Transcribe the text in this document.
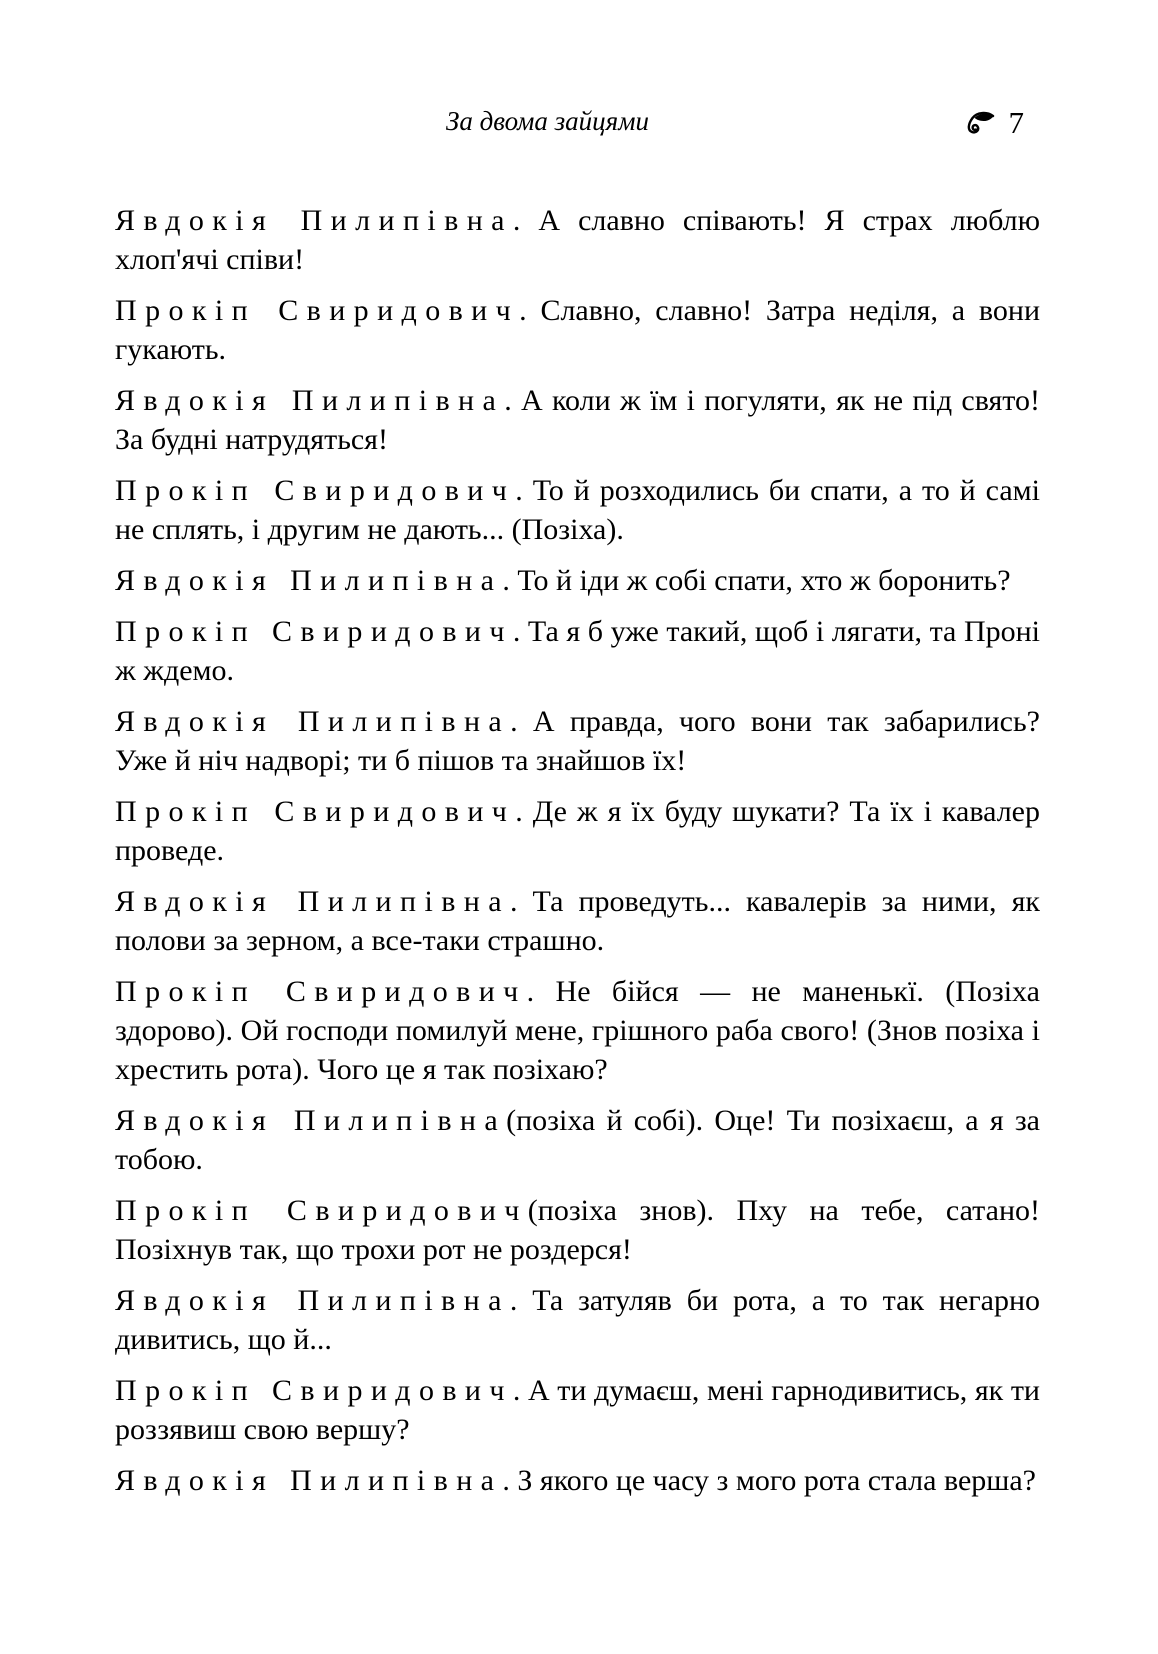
За двома зайцями	7

Явдокія Пилипівна. А славно співають! Я страх люблю хлоп'ячі співи!

Прокіп Свиридович. Славно, славно! Затра неділя, а вони гукають.

Явдокія Пилипівна. А коли ж їм і погуляти, як не під свято! За будні натрудяться!

Прокіп Свиридович. То й розходились би спати, а то й самі не сплять, і другим не дають... (Позіха).

Явдокія Пилипівна. То й іди ж собі спати, хто ж боронить?

Прокіп Свиридович. Та я б уже такий, щоб і лягати, та Проні ж ждемо.

Явдокія Пилипівна. А правда, чого вони так забарились? Уже й ніч надворі; ти б пішов та знайшов їх!

Прокіп Свиридович. Де ж я їх буду шукати? Та їх і кавалер проведе.

Явдокія Пилипівна. Та проведуть... кавалерів за ними, як полови за зерном, а все-таки страшно.

Прокіп Свиридович. Не бійся — не маненькї. (Позіха здорово). Ой господи помилуй мене, грішного раба свого! (Знов позіха і хрестить рота). Чого це я так позіхаю?

Явдокія Пилипівна(позіха й собі). Оце! Ти позіхаєш, а я за тобою.

Прокіп Свиридович(позіха знов). Пху на тебе, сатано! Позіхнув так, що трохи рот не роздерся!

Явдокія Пилипівна. Та затуляв би рота, а то так негарно дивитись, що й...

Прокіп Свиридович. А ти думаєш, мені гарнодивитись, як ти роззявиш свою вершу?

Явдокія Пилипівна. З якого це часу з мого рота стала верша?
